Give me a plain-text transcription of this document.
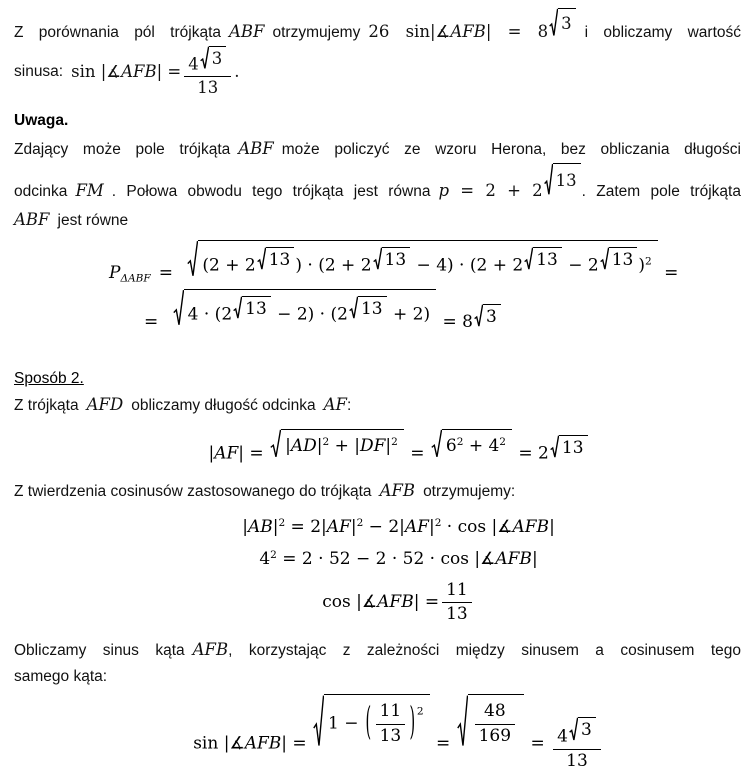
Z porównania pól trójkąta ABF otrzymujemy 26 sin|∡AFB| = 8 3 i obliczamy wartość
sinusa: sin |∡AFB| = $\frac{4 3}{13}$ .
Uwaga.
Zdający może pole trójkąta ABF może policzyć ze wzoru Herona, bez obliczania długości
odcinka FM . Połowa obwodu tego trójkąta jest równa p = 2 + 2
13
. Zatem pole trójkąta
ABF jest równe
$P_{\Delta ABF} = (2 + 2$ 13 ) · (2 + 2 13 − 4) · (2 + 2 13 − 2 13 )$^2$
=
= 4 · (2 13 − 2) · (2 13 + 2) = 8 3
Sposób 2.
Z trójkąta AFD obliczamy długość odcinka AF:
$|AF| = |AD|^2 + |DF|^2$
= $6^2 + 4^2$
= 2 13
Z twierdzenia cosinusów zastosowanego do trójkąta AFB otrzymujemy:
$|AB|^2 = 2|AF|^2 - 2|AF|^2 \cdot \cos$ |∡AFB|
$4^2 = 2 \cdot 52 - 2 \cdot 52 \cdot \cos$ |∡AFB|
cos |∡AFB| = $\frac{11}{13}$
Obliczamy sinus kąta AFB, korzystając z zależności między sinusem a cosinusem tego
samego kąta:
sin |∡AFB| =
1 − ( $\frac{11}{13} )^2$
= $\frac{48}{169} = \frac{4 3}{13}$
